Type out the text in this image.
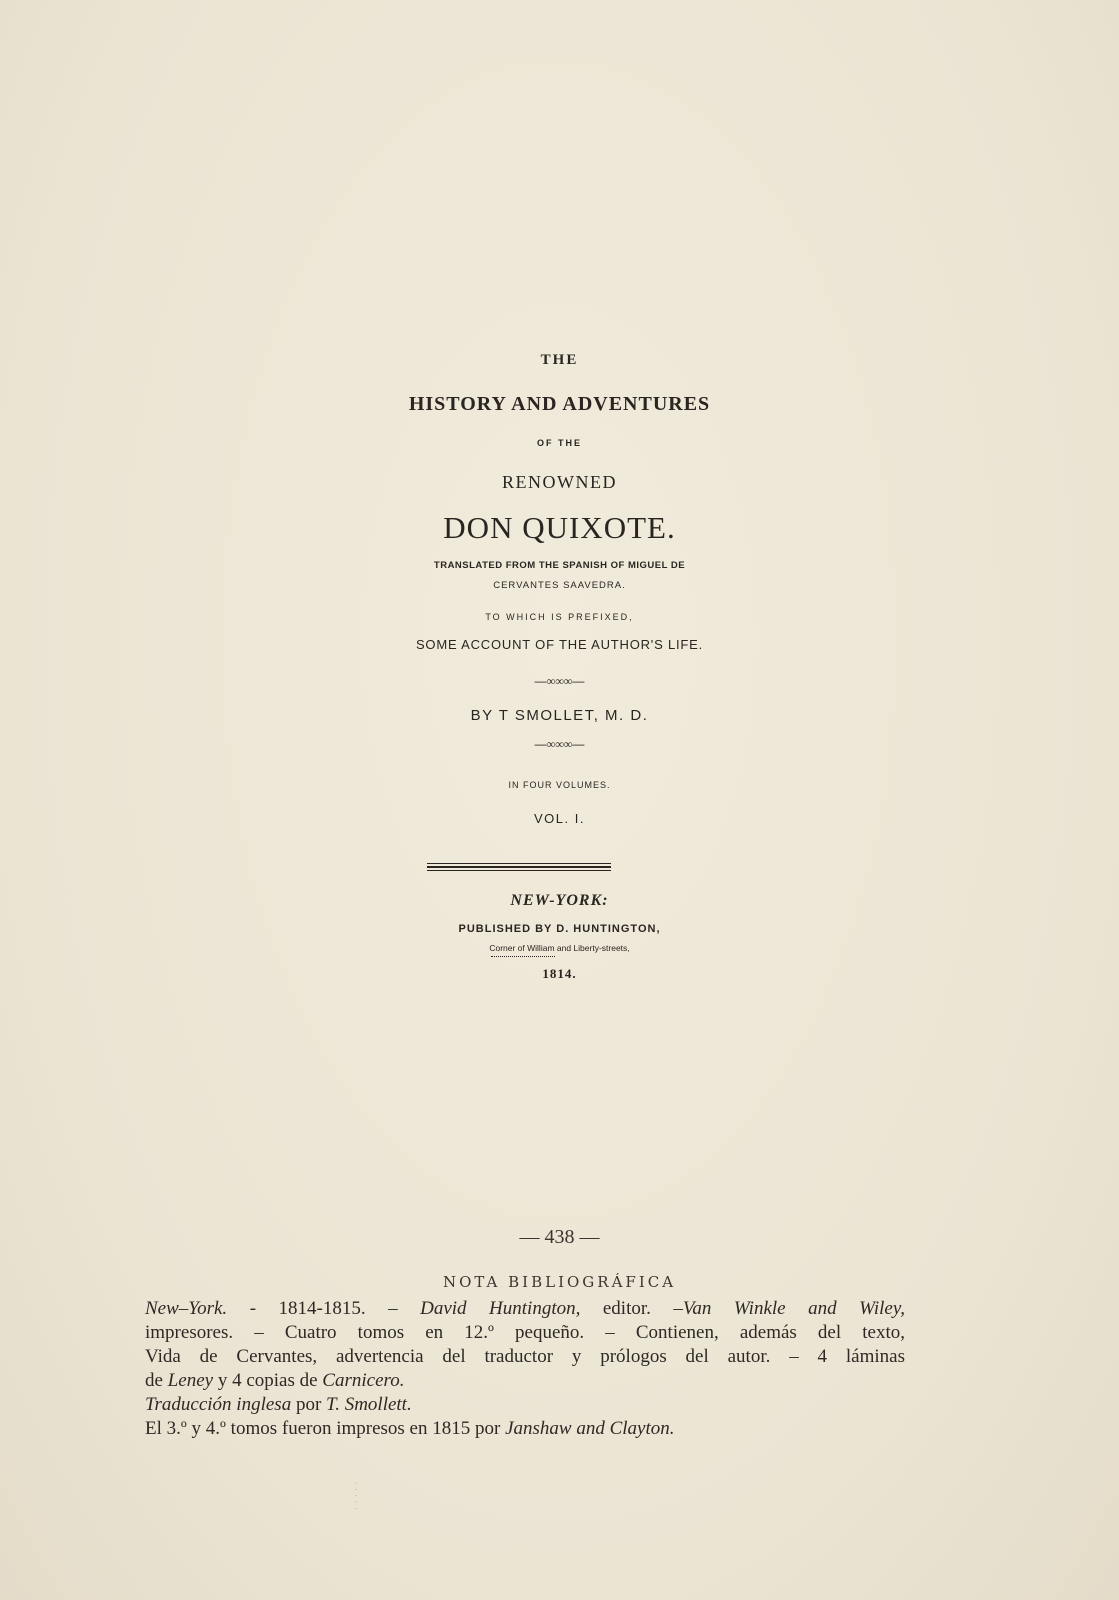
THE
HISTORY AND ADVENTURES
OF THE
RENOWNED
DON QUIXOTE.
TRANSLATED FROM THE SPANISH OF MIGUEL DE
CERVANTES SAAVEDRA.
TO WHICH IS PREFIXED,
SOME ACCOUNT OF THE AUTHOR'S LIFE.
—∞∞∞—
BY T SMOLLET, M. D.
—∞∞∞—
IN FOUR VOLUMES.
VOL. I.
NEW-YORK:
PUBLISHED BY D. HUNTINGTON,
Corner of William and Liberty-streets,
1814.
— 438 —
NOTA BIBLIOGRÁFICA

New–York. - 1814-1815. – David Huntington, editor. –Van Winkle and Wiley,

impresores. – Cuatro tomos en 12.º pequeño. – Contienen, además del texto,

Vida de Cervantes, advertencia del traductor y prólogos del autor. – 4 láminas

de Leney y 4 copias de Carnicero.

Traducción inglesa por T. Smollett.

El 3.º y 4.º tomos fueron impresos en 1815 por Janshaw and Clayton.

· · · · ·
